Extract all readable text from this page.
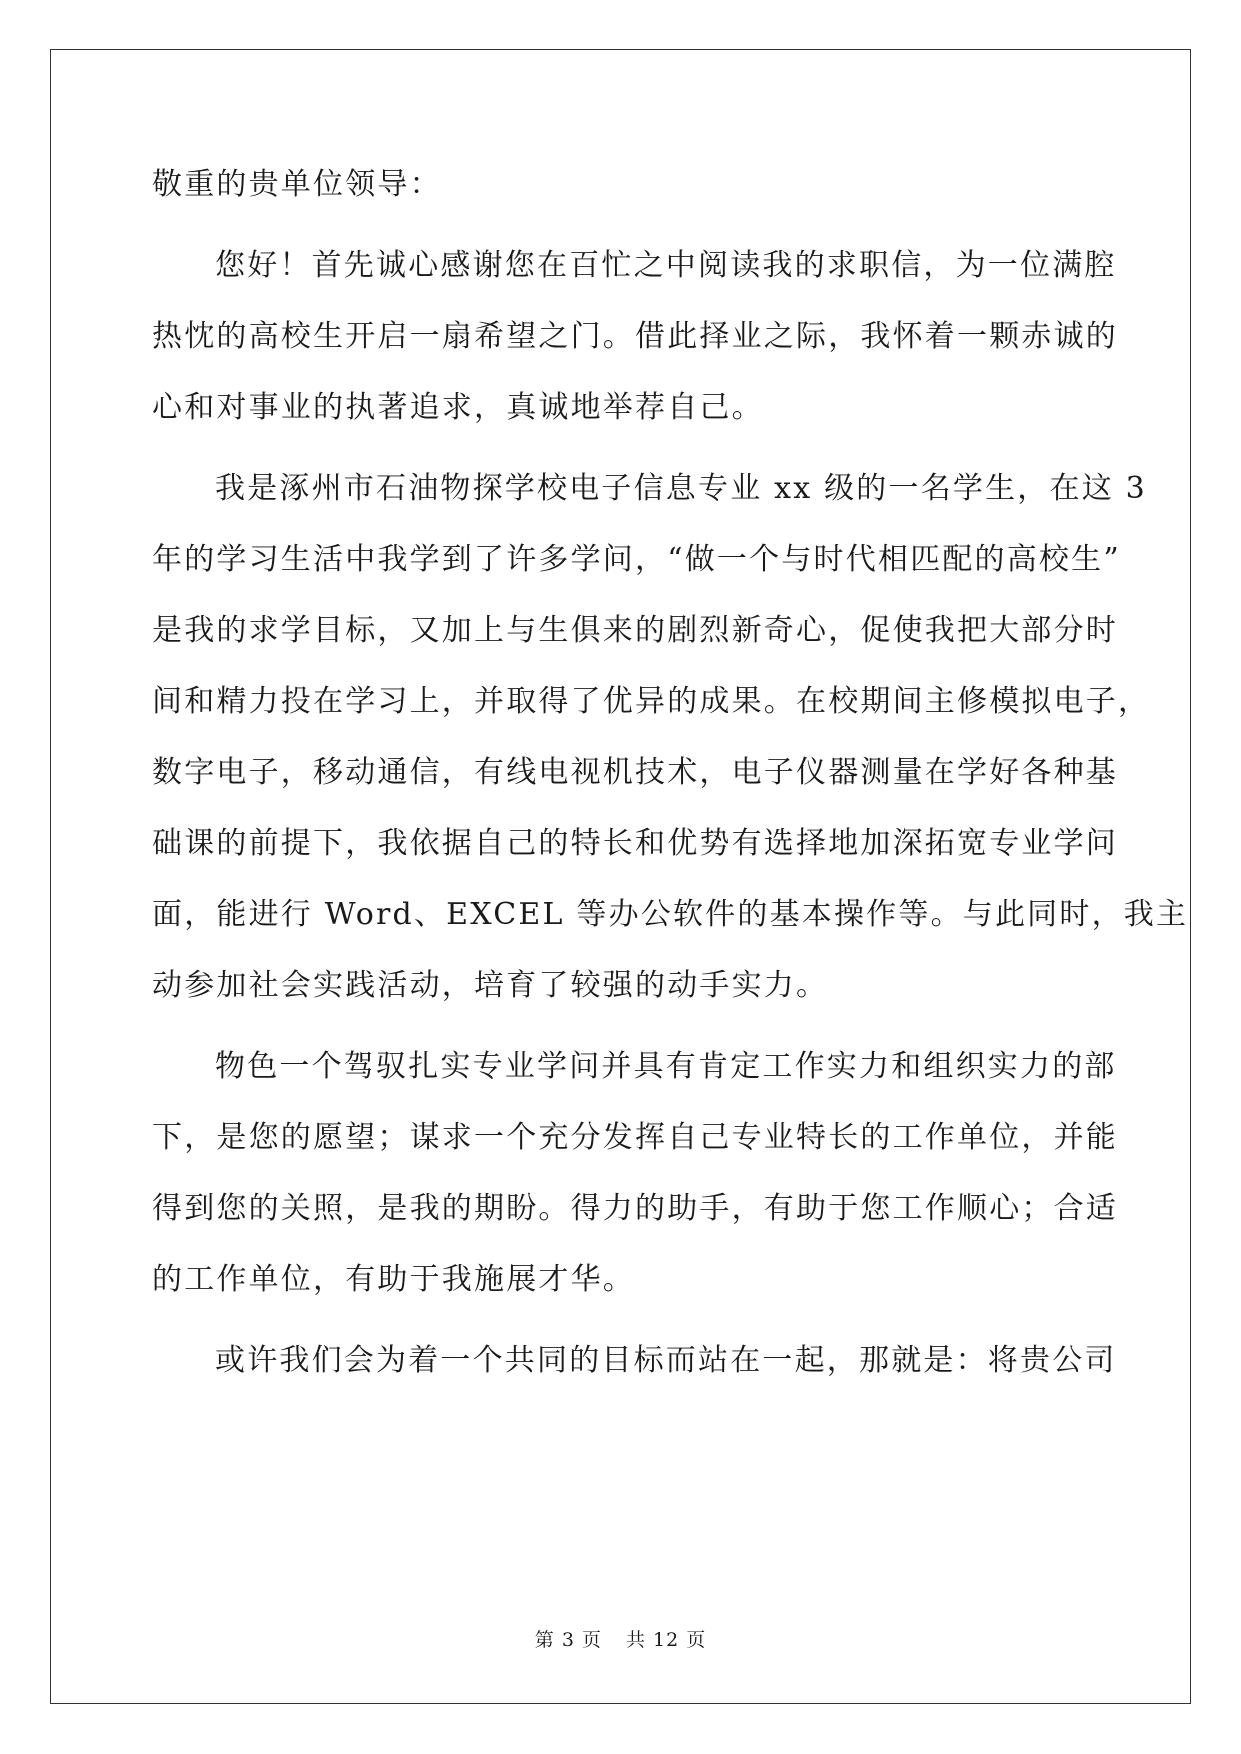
敬重的贵单位领导：
您好！首先诚心感谢您在百忙之中阅读我的求职信，为一位满腔
热忱的高校生开启一扇希望之门。借此择业之际，我怀着一颗赤诚的
心和对事业的执著追求，真诚地举荐自己。
我是涿州市石油物探学校电子信息专业 xx 级的一名学生，在这 3
年的学习生活中我学到了许多学问，“做一个与时代相匹配的高校生”
是我的求学目标，又加上与生俱来的剧烈新奇心，促使我把大部分时
间和精力投在学习上，并取得了优异的成果。在校期间主修模拟电子，
数字电子，移动通信，有线电视机技术，电子仪器测量在学好各种基
础课的前提下，我依据自己的特长和优势有选择地加深拓宽专业学问
面，能进行 Word、EXCEL 等办公软件的基本操作等。与此同时，我主
动参加社会实践活动，培育了较强的动手实力。
物色一个驾驭扎实专业学问并具有肯定工作实力和组织实力的部
下，是您的愿望；谋求一个充分发挥自己专业特长的工作单位，并能
得到您的关照，是我的期盼。得力的助手，有助于您工作顺心；合适
的工作单位，有助于我施展才华。
或许我们会为着一个共同的目标而站在一起，那就是：将贵公司
第 3 页 共 12 页
